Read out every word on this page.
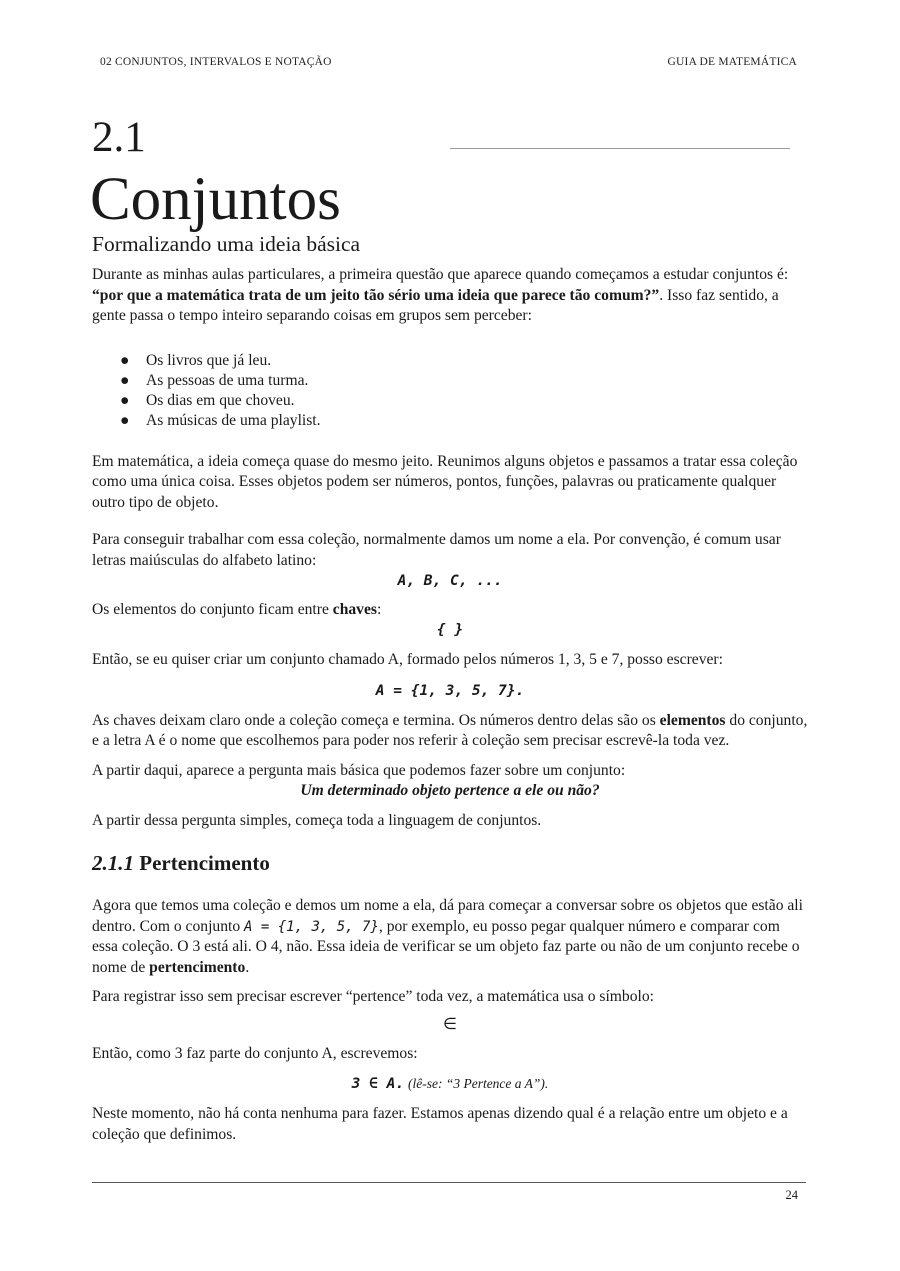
02 CONJUNTOS, INTERVALOS E NOTAÇÃO	GUIA DE MATEMÁTICA
2.1
Conjuntos
Formalizando uma ideia básica

Durante as minhas aulas particulares, a primeira questão que aparece quando começamos a estudar conjuntos é: “por que a matemática trata de um jeito tão sério uma ideia que parece tão comum?”. Isso faz sentido, a gente passa o tempo inteiro separando coisas em grupos sem perceber:

● Os livros que já leu.
● As pessoas de uma turma.
● Os dias em que choveu.
● As músicas de uma playlist.

Em matemática, a ideia começa quase do mesmo jeito. Reunimos alguns objetos e passamos a tratar essa coleção como uma única coisa. Esses objetos podem ser números, pontos, funções, palavras ou praticamente qualquer outro tipo de objeto.

Para conseguir trabalhar com essa coleção, normalmente damos um nome a ela. Por convenção, é comum usar letras maiúsculas do alfabeto latino:

A, B, C, ...

Os elementos do conjunto ficam entre chaves:

{ }

Então, se eu quiser criar um conjunto chamado A, formado pelos números 1, 3, 5 e 7, posso escrever:

A = {1, 3, 5, 7}.

As chaves deixam claro onde a coleção começa e termina. Os números dentro delas são os elementos do conjunto, e a letra A é o nome que escolhemos para poder nos referir à coleção sem precisar escrevê-la toda vez.

A partir daqui, aparece a pergunta mais básica que podemos fazer sobre um conjunto:

Um determinado objeto pertence a ele ou não?

A partir dessa pergunta simples, começa toda a linguagem de conjuntos.

2.1.1 Pertencimento

Agora que temos uma coleção e demos um nome a ela, dá para começar a conversar sobre os objetos que estão ali dentro. Com o conjunto A = {1, 3, 5, 7}, por exemplo, eu posso pegar qualquer número e comparar com essa coleção. O 3 está ali. O 4, não. Essa ideia de verificar se um objeto faz parte ou não de um conjunto recebe o nome de pertencimento.

Para registrar isso sem precisar escrever “pertence” toda vez, a matemática usa o símbolo:

∈

Então, como 3 faz parte do conjunto A, escrevemos:

3 ∈ A. (lê-se: “3 Pertence a A”).

Neste momento, não há conta nenhuma para fazer. Estamos apenas dizendo qual é a relação entre um objeto e a coleção que definimos.

24
